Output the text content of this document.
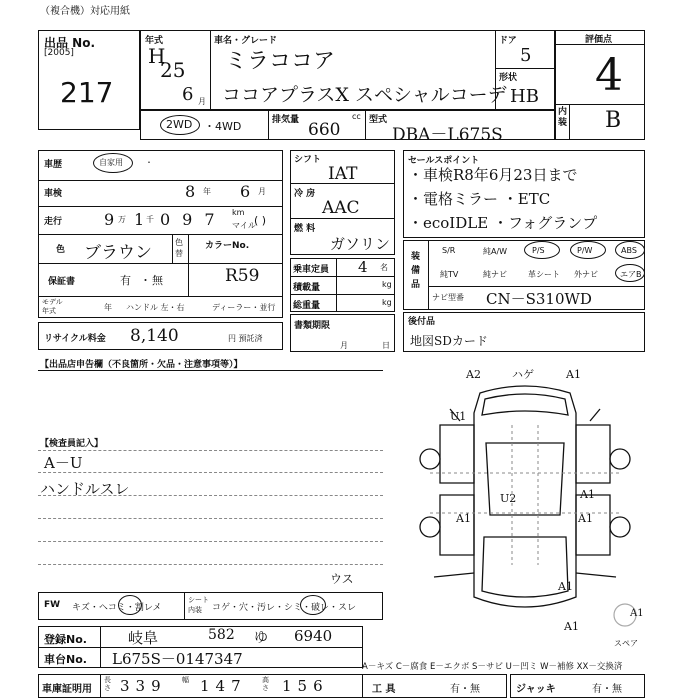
（複合機）対応用紙
出品 No.
[2005]
217
年式
H
25
6 月
車名・グレード
ミラココア
ココアプラスX スペシャルコーデ
ドア
5
形状
HB
評価点
4
内装 B
2WD ・4WD	排気量 660
cc 型式
DBA－L675S
車歴	自家用	・
車検	8 年 6 月
走行	9 万 1 千 097 km
マイル
( )
色 ブラウン
色
替
カラーNo.
R59
保証書	有 ・ 無
モデル
年式	年 ハンドル 左・右	ディーラー・並行
リサイクル料金 8,140	円 預託済
シフト
IAT
冷 房
AAC
燃 料
ガソリン
乗車定員 4 名
積載量	kg
総重量	kg
書類期限
月	日
セールスポイント
・車検R8年6月23日まで
・電格ミラー ・ETC
・ecoIDLE ・フォグランプ
装備品
S/R	純A/W	P/S	P/W	ABS
純TV	純ナビ	革シート 外ナビ	エアB
ナビ型番 CN－S310WD
後付品
地図SDカード
【出品店申告欄（不良箇所・欠品・注意事項等）】
【検査員記入】
A－U
ハンドルスレ
A2	ハゲ	A1
U1
U2	A1
A1	A1
A1
A1
スペア
A1
FW キズ・ヘコミ・割レメ
シート
内装 コゲ・穴・汚レ・シミ・破レ・スレ
ウス
登録No.	岐阜	582 ゆ 6940
車台No. L675S－0147347
車庫証明用
長さ 339 幅 147 高さ 156
A－キズ C－腐食 E－エクボ S－サビ U－凹ミ W－補修 XX－交換済
工 具	有・無	ジャッキ	有・無
